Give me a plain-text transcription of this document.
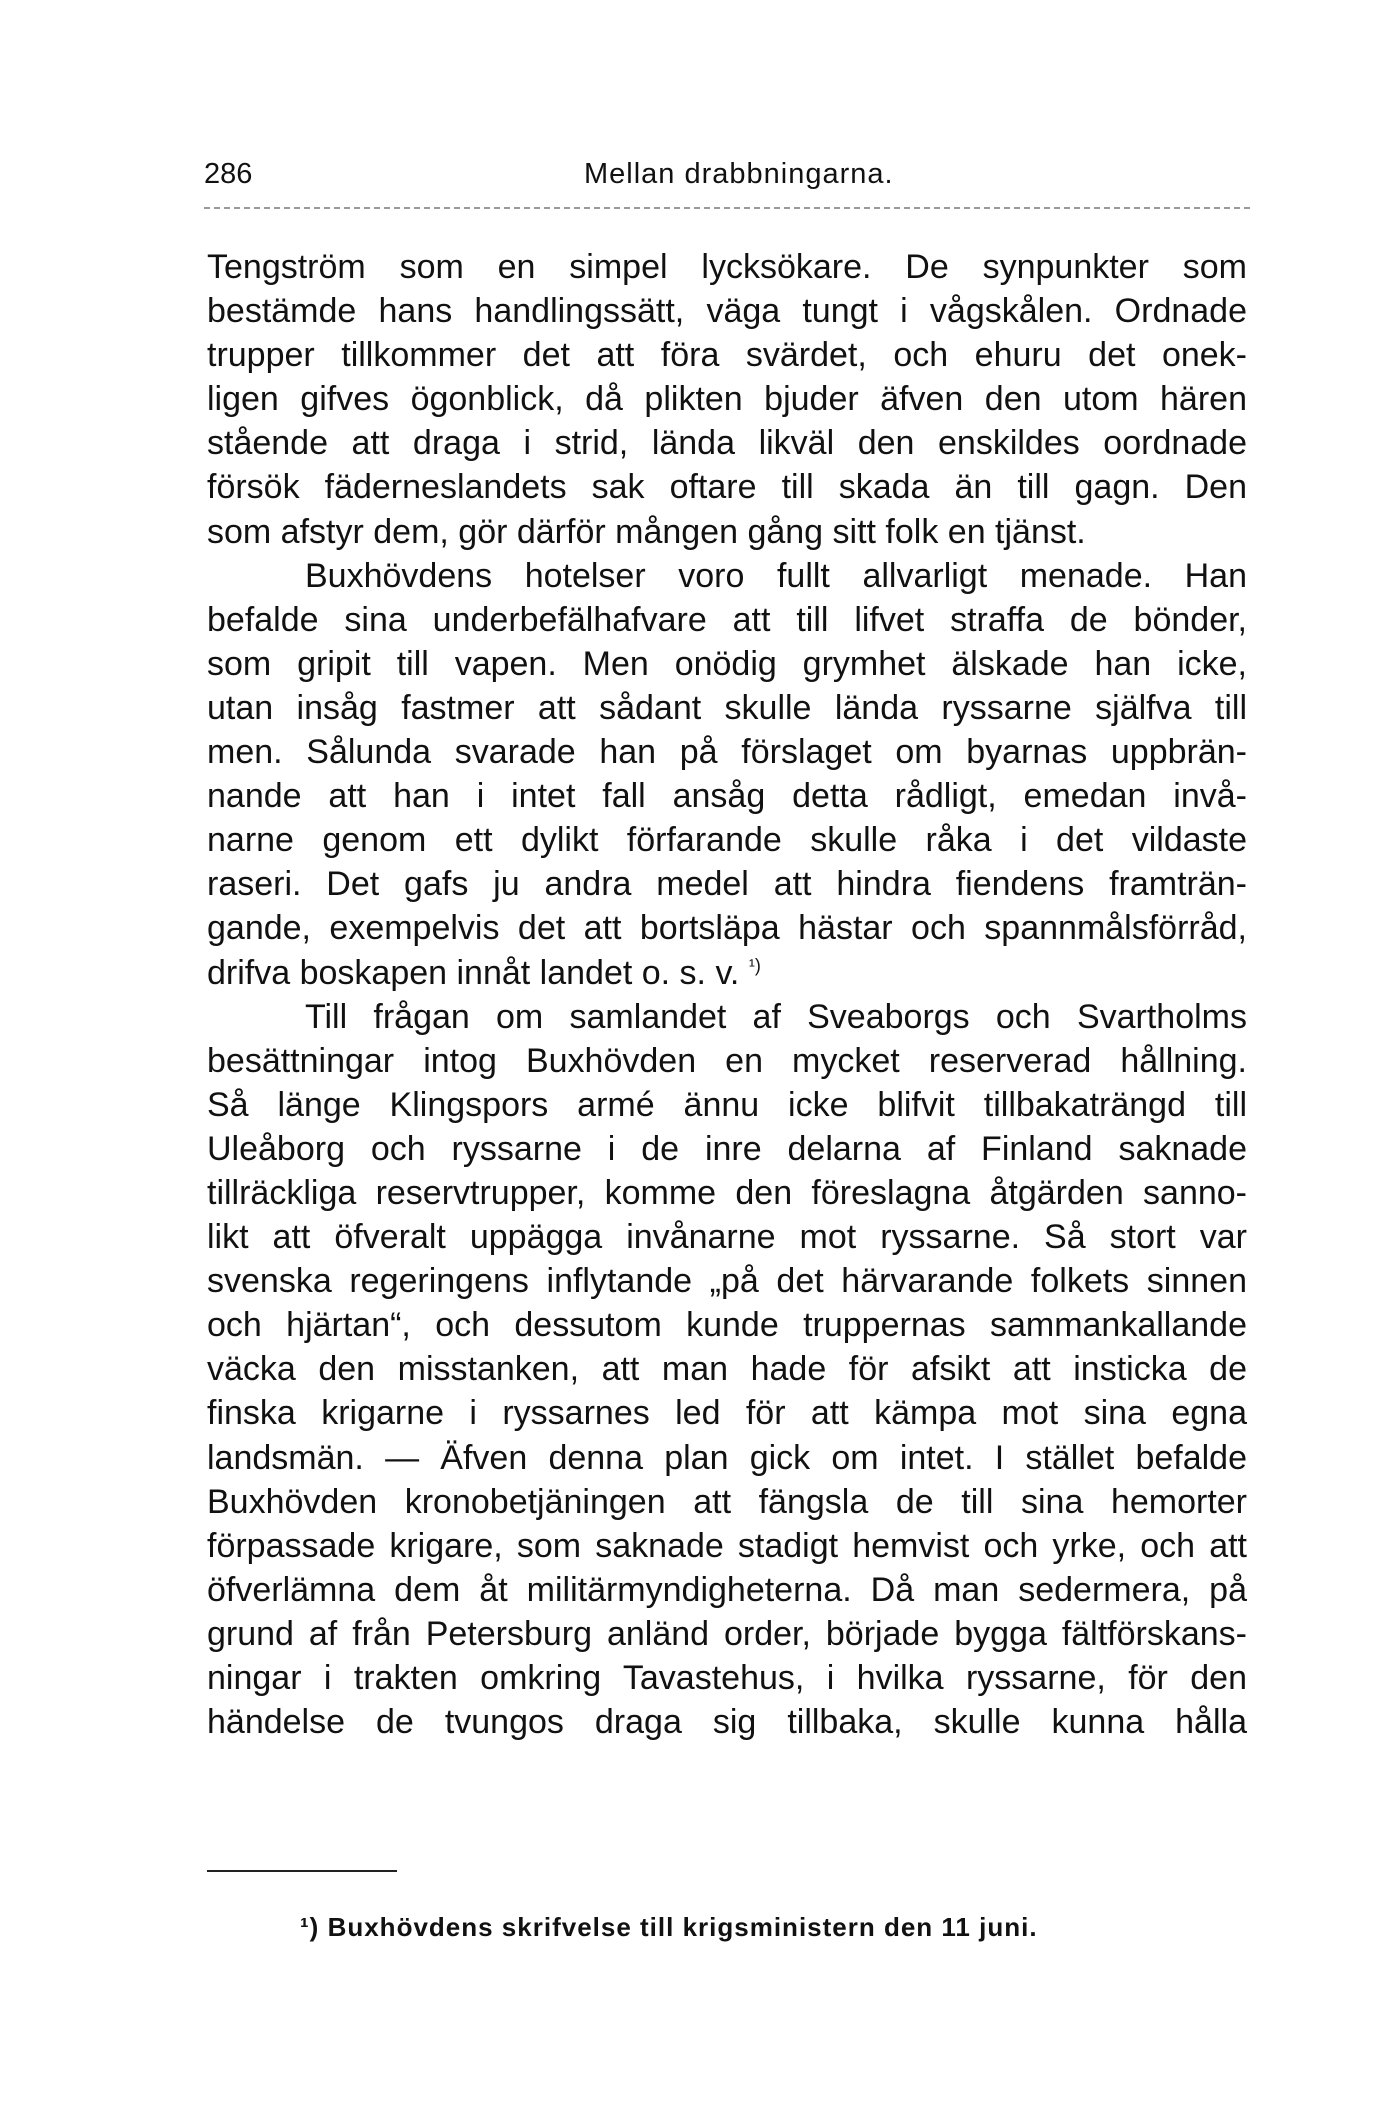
286	Mellan drabbningarna.
Tengström som en simpel lycksökare. De synpunkter som
bestämde hans handlingssätt, väga tungt i vågskålen. Ordnade
trupper tillkommer det att föra svärdet, och ehuru det onek-
ligen gifves ögonblick, då plikten bjuder äfven den utom hären
stående att draga i strid, lända likväl den enskildes oordnade
försök fäderneslandets sak oftare till skada än till gagn. Den
som afstyr dem, gör därför mången gång sitt folk en tjänst.
Buxhövdens hotelser voro fullt allvarligt menade. Han
befalde sina underbefälhafvare att till lifvet straffa de bönder,
som gripit till vapen. Men onödig grymhet älskade han icke,
utan insåg fastmer att sådant skulle lända ryssarne själfva till
men. Sålunda svarade han på förslaget om byarnas uppbrän-
nande att han i intet fall ansåg detta rådligt, emedan invå-
narne genom ett dylikt förfarande skulle råka i det vildaste
raseri. Det gafs ju andra medel att hindra fiendens framträn-
gande, exempelvis det att bortsläpa hästar och spannmålsförråd,
drifva boskapen innåt landet o. s. v. $^{^1)}$
Till frågan om samlandet af Sveaborgs och Svartholms
besättningar intog Buxhövden en mycket reserverad hållning.
Så länge Klingspors armé ännu icke blifvit tillbakaträngd till
Uleåborg och ryssarne i de inre delarna af Finland saknade
tillräckliga reservtrupper, komme den föreslagna åtgärden sanno-
likt att öfveralt uppägga invånarne mot ryssarne. Så stort var
svenska regeringens inflytande „på det härvarande folkets sinnen
och hjärtan“, och dessutom kunde truppernas sammankallande
väcka den misstanken, att man hade för afsikt att insticka de
finska krigarne i ryssarnes led för att kämpa mot sina egna
landsmän. — Äfven denna plan gick om intet. I stället befalde
Buxhövden kronobetjäningen att fängsla de till sina hemorter
förpassade krigare, som saknade stadigt hemvist och yrke, och att
öfverlämna dem åt militärmyndigheterna. Då man sedermera, på
grund af från Petersburg anländ order, började bygga fältförskans-
ningar i trakten omkring Tavastehus, i hvilka ryssarne, för den
händelse de tvungos draga sig tillbaka, skulle kunna hålla
¹) Buxhövdens skrifvelse till krigsministern den 11 juni.
